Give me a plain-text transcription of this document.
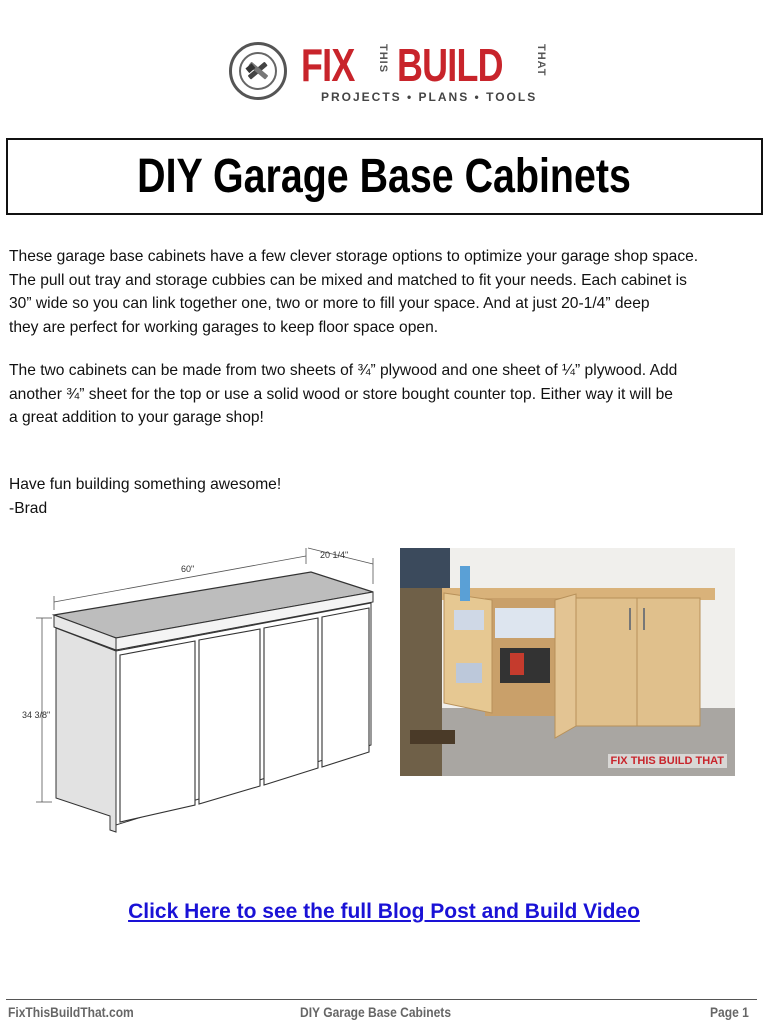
FIX THIS BUILD	THAT
PROJECTS • PLANS • TOOLS
DIY Garage Base Cabinets
These garage base cabinets have a few clever storage options to optimize your garage shop space.
The pull out tray and storage cubbies can be mixed and matched to fit your needs. Each cabinet is
30” wide so you can link together one, two or more to fill your space. And at just 20-1/4” deep
they are perfect for working garages to keep floor space open.
The two cabinets can be made from two sheets of ¾” plywood and one sheet of ¼” plywood. Add
another ¾” sheet for the top or use a solid wood or store bought counter top. Either way it will be
a great addition to your garage shop!
Have fun building something awesome!
-Brad
60"
20 1/4"
34 3/8"
FIX THIS BUILD THAT
Click Here to see the full Blog Post and Build Video
FixThisBuildThat.com	DIY Garage Base Cabinets	Page 1
